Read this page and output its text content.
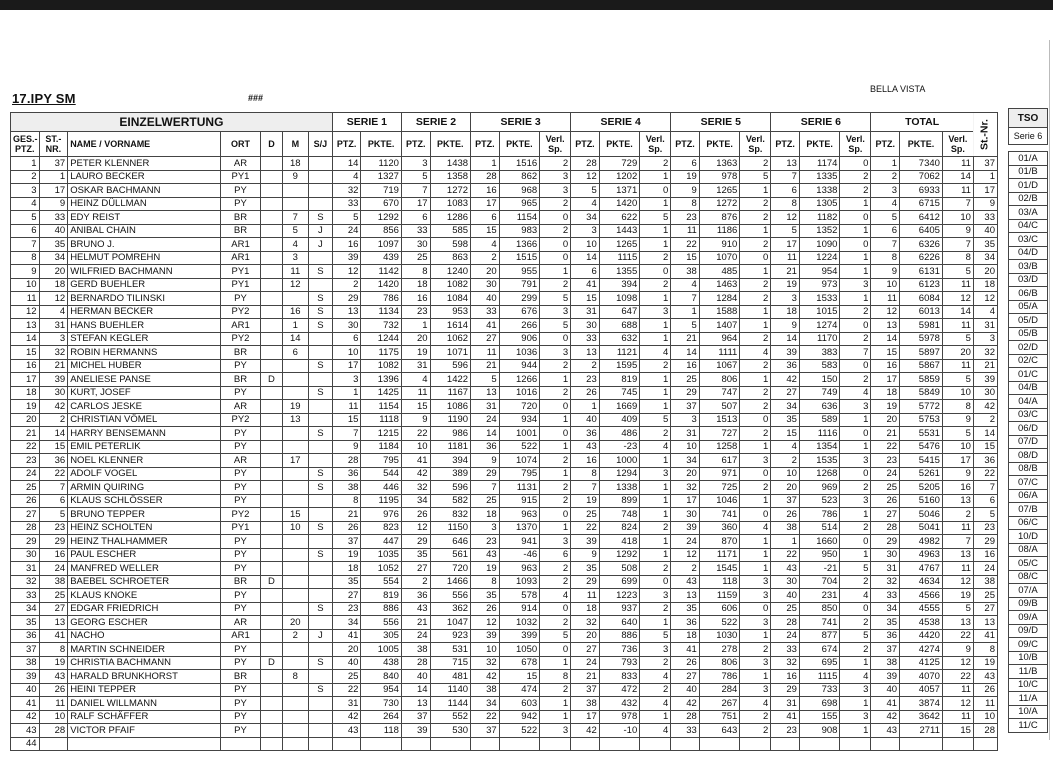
17.IPY SM	###
BELLA VISTA
EINZELWERTUNG							SERIE 1		SERIE 2		SERIE 3			SERIE 4			SERIE 5			SERIE 6			TOTAL			St.-Nr.
GES.-PTZ.	ST.-NR.	NAME / VORNAME	ORT	D	M	S/J	PTZ.	PKTE.	PTZ.	PKTE.	PTZ.	PKTE.	Verl. Sp.	PTZ.	PKTE.	Verl. Sp.	PTZ.	PKTE.	Verl. Sp.	PTZ.	PKTE.	Verl. Sp.	PTZ.	PKTE.	Verl. Sp.	
1	37	PETER KLENNER	AR		18		14	1120	3	1438	1	1516	2	28	729	2	6	1363	2	13	1174	0	1	7340	11	37
2	1	LAURO BECKER	PY1		9		4	1327	5	1358	28	862	3	12	1202	1	19	978	5	7	1335	2	2	7062	14	1
3	17	OSKAR BACHMANN	PY				32	719	7	1272	16	968	3	5	1371	0	9	1265	1	6	1338	2	3	6933	11	17
4	9	HEINZ DÜLLMAN	PY				33	670	17	1083	17	965	2	4	1420	1	8	1272	2	8	1305	1	4	6715	7	9
5	33	EDY REIST	BR		7	S	5	1292	6	1286	6	1154	0	34	622	5	23	876	2	12	1182	0	5	6412	10	33
6	40	ANIBAL CHAIN	BR		5	J	24	856	33	585	15	983	2	3	1443	1	11	1186	1	5	1352	1	6	6405	9	40
7	35	BRUNO J.	AR1		4	J	16	1097	30	598	4	1366	0	10	1265	1	22	910	2	17	1090	0	7	6326	7	35
8	34	HELMUT POMREHN	AR1		3		39	439	25	863	2	1515	0	14	1115	2	15	1070	0	11	1224	1	8	6226	8	34
9	20	WILFRIED BACHMANN	PY1		11	S	12	1142	8	1240	20	955	1	6	1355	0	38	485	1	21	954	1	9	6131	5	20
10	18	GERD BUEHLER	PY1		12		2	1420	18	1082	30	791	2	41	394	2	4	1463	2	19	973	3	10	6123	11	18
11	12	BERNARDO TILINSKI	PY			S	29	786	16	1084	40	299	5	15	1098	1	7	1284	2	3	1533	1	11	6084	12	12
12	4	HERMAN BECKER	PY2		16	S	13	1134	23	953	33	676	3	31	647	3	1	1588	1	18	1015	2	12	6013	14	4
13	31	HANS BUEHLER	AR1		1	S	30	732	1	1614	41	266	5	30	688	1	5	1407	1	9	1274	0	13	5981	11	31
14	3	STEFAN KEGLER	PY2		14		6	1244	20	1062	27	906	0	33	632	1	21	964	2	14	1170	2	14	5978	5	3
15	32	ROBIN HERMANNS	BR		6		10	1175	19	1071	11	1036	3	13	1121	4	14	1111	4	39	383	7	15	5897	20	32
16	21	MICHEL HUBER	PY			S	17	1082	31	596	21	944	2	2	1595	2	16	1067	2	36	583	0	16	5867	11	21
17	39	ANELIESE PANSE	BR	D			3	1396	4	1422	5	1266	1	23	819	1	25	806	1	42	150	2	17	5859	5	39
18	30	KURT, JOSEF	PY			S	1	1425	11	1167	13	1016	2	26	745	1	29	747	2	27	749	4	18	5849	10	30
19	42	CARLOS JESKE	AR		19		11	1154	15	1086	31	720	0	1	1669	1	37	507	2	34	636	3	19	5772	8	42
20	2	CHRISTIAN VÖMEL	PY2		13		15	1118	9	1190	24	934	1	40	409	5	3	1513	0	35	589	1	20	5753	9	2
21	14	HARRY BENSEMANN	PY			S	7	1215	22	986	14	1001	0	36	486	2	31	727	2	15	1116	0	21	5531	5	14
22	15	EMIL PETERLIK	PY				9	1184	10	1181	36	522	1	43	-23	4	10	1258	1	4	1354	1	22	5476	10	15
23	36	NOEL KLENNER	AR		17		28	795	41	394	9	1074	2	16	1000	1	34	617	3	2	1535	3	23	5415	17	36
24	22	ADOLF VOGEL	PY			S	36	544	42	389	29	795	1	8	1294	3	20	971	0	10	1268	0	24	5261	9	22
25	7	ARMIN QUIRING	PY			S	38	446	32	596	7	1131	2	7	1338	1	32	725	2	20	969	2	25	5205	16	7
26	6	KLAUS SCHLÖSSER	PY				8	1195	34	582	25	915	2	19	899	1	17	1046	1	37	523	3	26	5160	13	6
27	5	BRUNO TEPPER	PY2		15		21	976	26	832	18	963	0	25	748	1	30	741	0	26	786	1	27	5046	2	5
28	23	HEINZ SCHOLTEN	PY1		10	S	26	823	12	1150	3	1370	1	22	824	2	39	360	4	38	514	2	28	5041	11	23
29	29	HEINZ THALHAMMER	PY				37	447	29	646	23	941	3	39	418	1	24	870	1	1	1660	0	29	4982	7	29
30	16	PAUL ESCHER	PY			S	19	1035	35	561	43	-46	6	9	1292	1	12	1171	1	22	950	1	30	4963	13	16
31	24	MANFRED WELLER	PY				18	1052	27	720	19	963	2	35	508	2	2	1545	1	43	-21	5	31	4767	11	24
32	38	BAEBEL SCHROETER	BR	D			35	554	2	1466	8	1093	2	29	699	0	43	118	3	30	704	2	32	4634	12	38
33	25	KLAUS KNOKE	PY				27	819	36	556	35	578	4	11	1223	3	13	1159	3	40	231	4	33	4566	19	25
34	27	EDGAR FRIEDRICH	PY			S	23	886	43	362	26	914	0	18	937	2	35	606	0	25	850	0	34	4555	5	27
35	13	GEORG ESCHER	AR		20		34	556	21	1047	12	1032	2	32	640	1	36	522	3	28	741	2	35	4538	13	13
36	41	NACHO	AR1		2	J	41	305	24	923	39	399	5	20	886	5	18	1030	1	24	877	5	36	4420	22	41
37	8	MARTIN SCHNEIDER	PY				20	1005	38	531	10	1050	0	27	736	3	41	278	2	33	674	2	37	4274	9	8
38	19	CHRISTIA BACHMANN	PY	D		S	40	438	28	715	32	678	1	24	793	2	26	806	3	32	695	1	38	4125	12	19
39	43	HARALD BRUNKHORST	BR		8		25	840	40	481	42	15	8	21	833	4	27	786	1	16	1115	4	39	4070	22	43
40	26	HEINI TEPPER	PY			S	22	954	14	1140	38	474	2	37	472	2	40	284	3	29	733	3	40	4057	11	26
41	11	DANIEL WILLMANN	PY				31	730	13	1144	34	603	1	38	432	4	42	267	4	31	698	1	41	3874	12	11
42	10	RALF SCHÄFFER	PY				42	264	37	552	22	942	1	17	978	1	28	751	2	41	155	3	42	3642	11	10
43	28	VICTOR PFAIF	PY				43	118	39	530	37	522	3	42	-10	4	33	643	2	23	908	1	43	2711	15	28
44																										
TSO
Serie 6

01/A
01/B
01/D
02/B
03/A
04/C
03/C
04/D
03/B
03/D
06/B
05/A
05/D
05/B
02/D
02/C
01/C
04/B
04/A
03/C
06/D
07/D
08/D
08/B
07/C
06/A
07/B
06/C
10/D
08/A
05/C
08/C
07/A
09/B
09/A
09/D
09/C
10/B
11/B
10/C
11/A
10/A
11/C
